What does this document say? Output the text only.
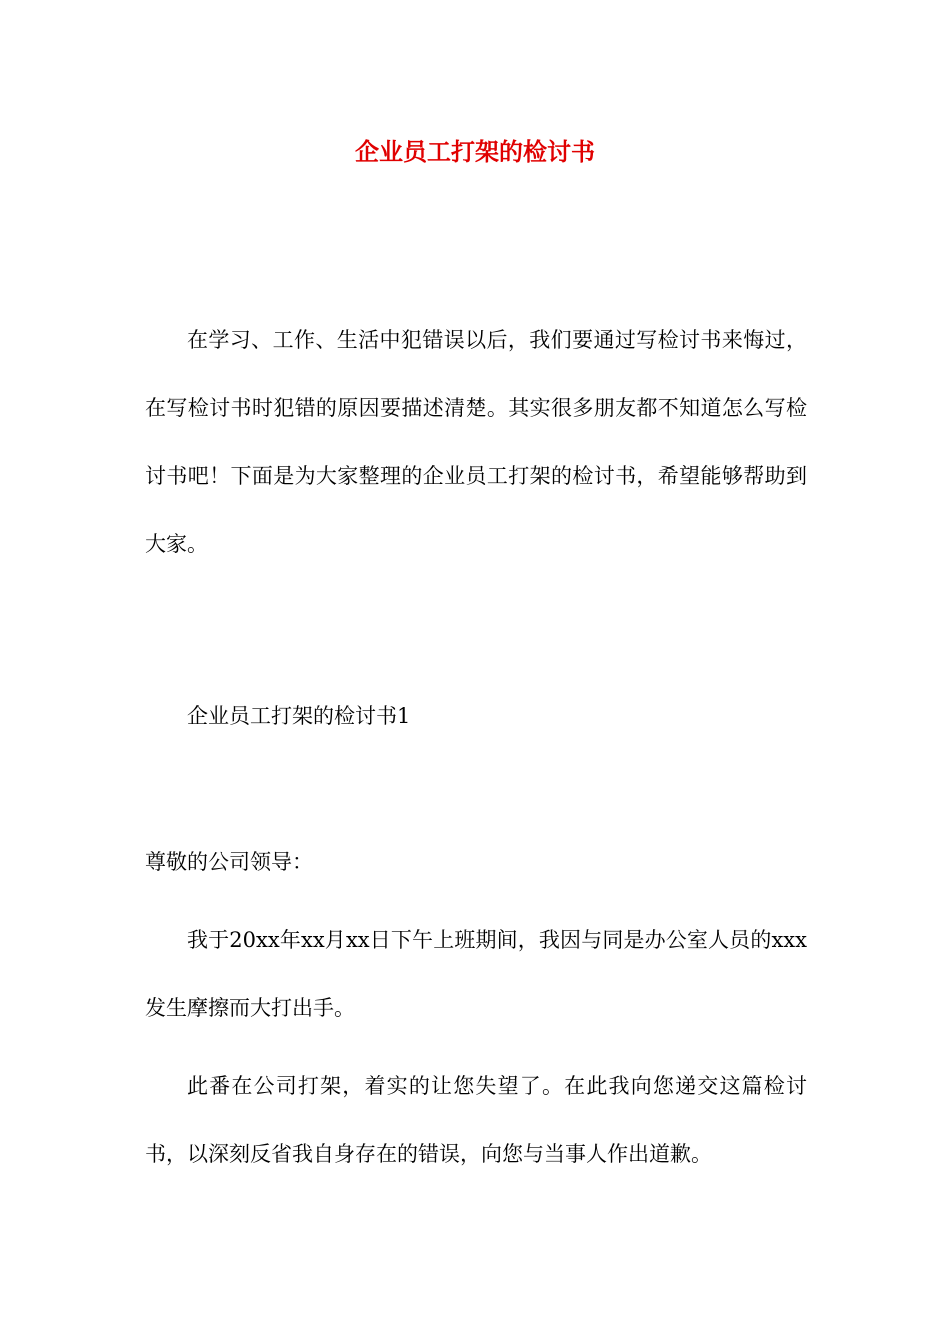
企业员工打架的检讨书

在学习、工作、生活中犯错误以后，我们要通过写检讨书来悔过，在写检讨书时犯错的原因要描述清楚。其实很多朋友都不知道怎么写检讨书吧！下面是为大家整理的企业员工打架的检讨书，希望能够帮助到大家。

企业员工打架的检讨书1

尊敬的公司领导：

我于20xx年xx月xx日下午上班期间，我因与同是办公室人员的xxx发生摩擦而大打出手。

此番在公司打架，着实的让您失望了。在此我向您递交这篇检讨书，以深刻反省我自身存在的错误，向您与当事人作出道歉。
